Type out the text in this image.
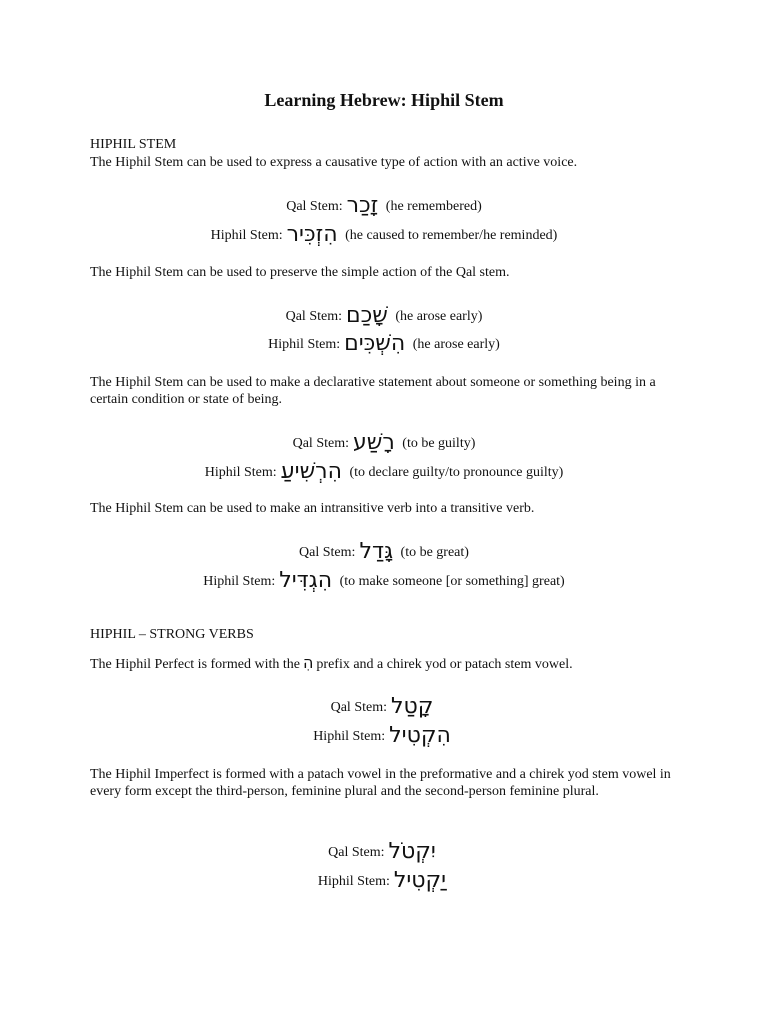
Learning Hebrew: Hiphil Stem
HIPHIL STEM
The Hiphil Stem can be used to express a causative type of action with an active voice.
Qal Stem: זָכַר (he remembered)
Hiphil Stem: הִזְכִּיר (he caused to remember/he reminded)
The Hiphil Stem can be used to preserve the simple action of the Qal stem.
Qal Stem: שָׁכַם (he arose early)
Hiphil Stem: הִשְׁכִּים (he arose early)
The Hiphil Stem can be used to make a declarative statement about someone or something being in a certain condition or state of being.
Qal Stem: רָשַׁע (to be guilty)
Hiphil Stem: הִרְשִׁיעַ (to declare guilty/to pronounce guilty)
The Hiphil Stem can be used to make an intransitive verb into a transitive verb.
Qal Stem: גָּדַל (to be great)
Hiphil Stem: הִגְדִּיל (to make someone [or something] great)
HIPHIL – STRONG VERBS
The Hiphil Perfect is formed with the הִ prefix and a chirek yod or patach stem vowel.
Qal Stem: קָטַל
Hiphil Stem: הִקְטִיל
The Hiphil Imperfect is formed with a patach vowel in the preformative and a chirek yod stem vowel in every form except the third-person, feminine plural and the second-person feminine plural.
Qal Stem: יִקְטֹל
Hiphil Stem: יַקְטִיל
